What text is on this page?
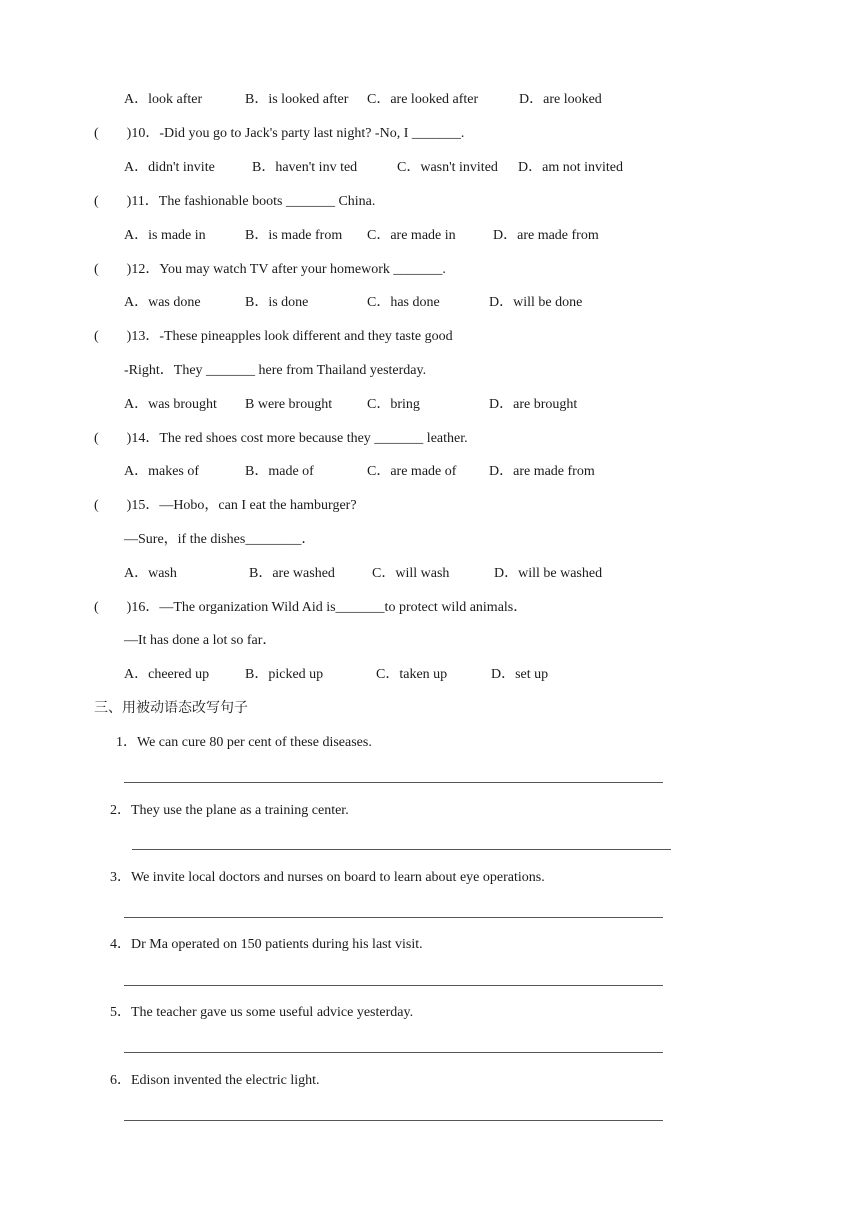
A．look after	B．is looked after C．are looked after	D．are looked
(　　)10．-Did you go to Jack's party last night? -No, I _______.
A．didn't invite	B．haven't inv ted	C．wasn't invited D．am not invited
(　　)11．The fashionable boots _______ China.
A．is made in	B．is made from C．are made in	D．are made from
(　　)12．You may watch TV after your homework _______.
A．was done	B．is done	C．has done	D．will be done
(　　)13．-These pineapples look different and they taste good
-Right．They _______ here from Thailand yesterday.
A．was brought B were brought C．bring	D．are brought
(　　)14．The red shoes cost more because they _______ leather.
A．makes of	B．made of	C．are made of D．are made from
(　　)15．—Hobo，can I eat the hamburger?
—Sure，if the dishes________．
A．wash	B．are washed	C．will wash	D．will be washed
(　　)16．—The organization Wild Aid is_______to protect wild animals．
—It has done a lot so far．
A．cheered up	B．picked up	C．taken up	D．set up
三、用被动语态改写句子
1．We can cure 80 per cent of these diseases.
2．They use the plane as a training center.
3．We invite local doctors and nurses on board to learn about eye operations.
4．Dr Ma operated on 150 patients during his last visit.
5．The teacher gave us some useful advice yesterday.
6．Edison invented the electric light.
